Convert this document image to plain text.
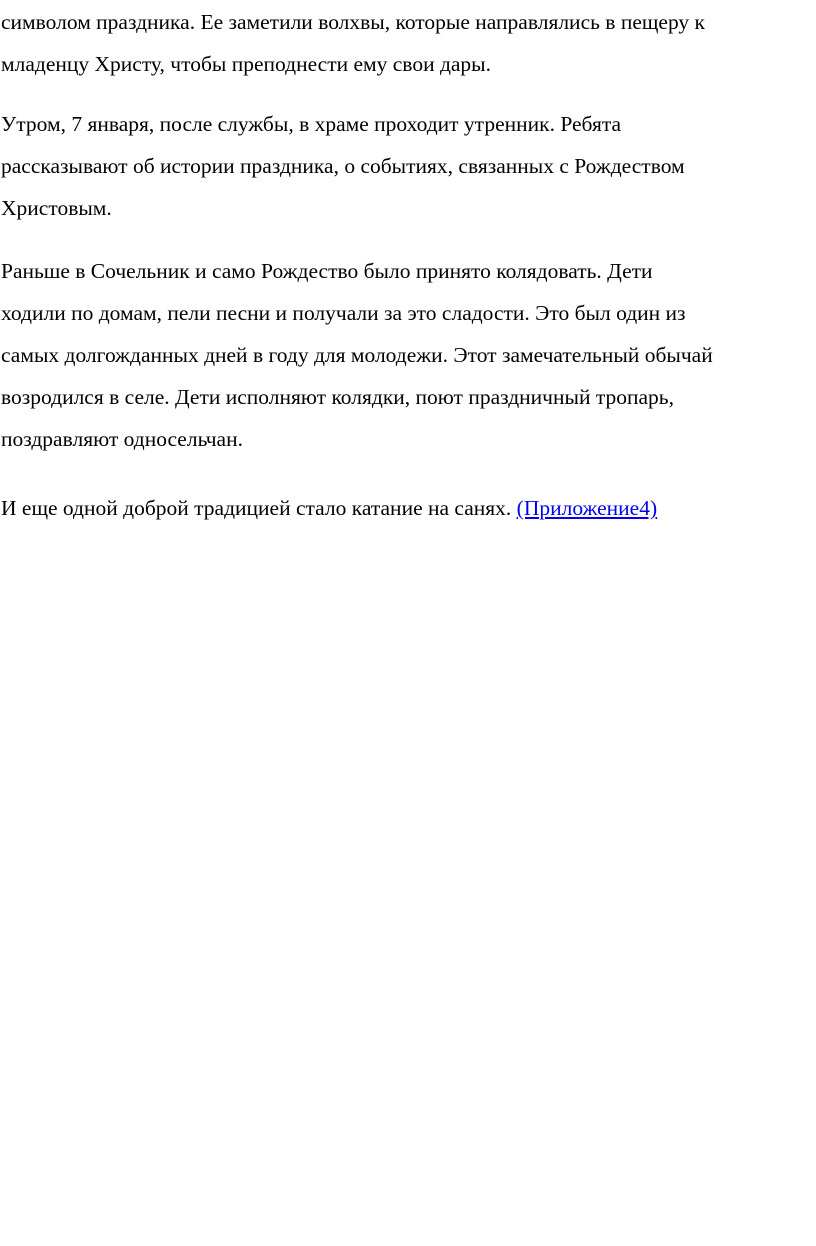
символом праздника. Ее заметили волхвы, которые направлялись в пещеру к
младенцу Христу, чтобы преподнести ему свои дары.

Утром, 7 января, после службы, в храме проходит утренник. Ребята
рассказывают об истории праздника, о событиях, связанных с Рождеством
Христовым.

Раньше в Сочельник и само Рождество было принято колядовать. Дети
ходили по домам, пели песни и получали за это сладости. Это был один из
самых долгожданных дней в году для молодежи. Этот замечательный обычай
возродился в селе. Дети исполняют колядки, поют праздничный тропарь,
поздравляют односельчан.

И еще одной доброй традицией стало катание на санях. (Приложение4)
